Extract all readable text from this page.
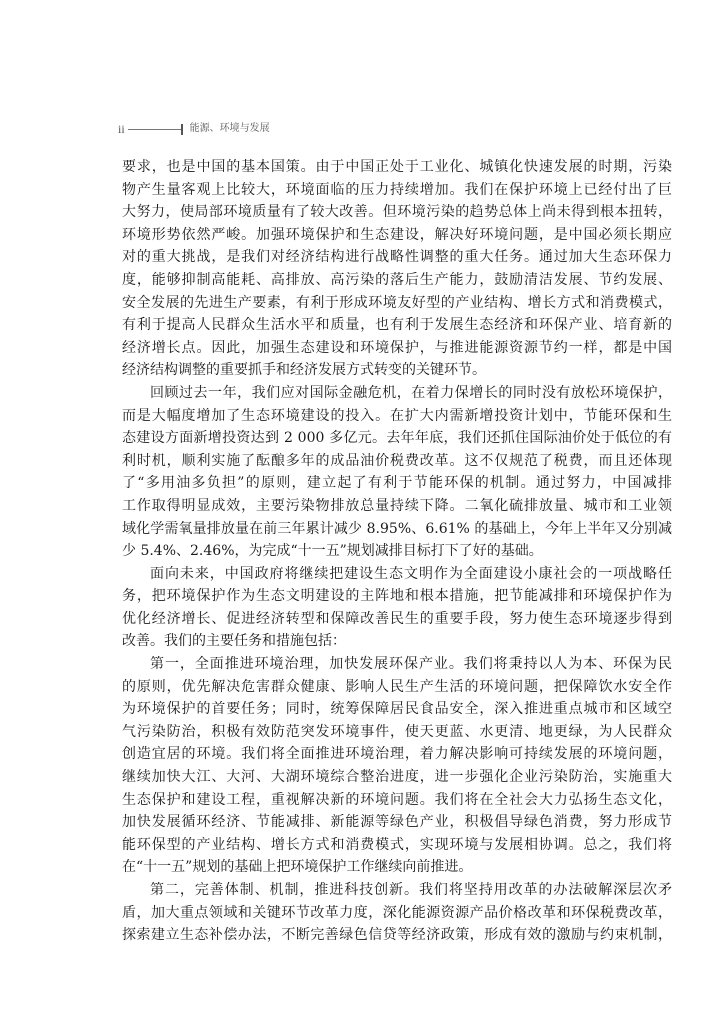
ii	能源、环境与发展
要求，也是中国的基本国策。由于中国正处于工业化、城镇化快速发展的时期，污染
物产生量客观上比较大，环境面临的压力持续增加。我们在保护环境上已经付出了巨
大努力，使局部环境质量有了较大改善。但环境污染的趋势总体上尚未得到根本扭转，
环境形势依然严峻。加强环境保护和生态建设，解决好环境问题，是中国必须长期应
对的重大挑战，是我们对经济结构进行战略性调整的重大任务。通过加大生态环保力
度，能够抑制高能耗、高排放、高污染的落后生产能力，鼓励清洁发展、节约发展、
安全发展的先进生产要素，有利于形成环境友好型的产业结构、增长方式和消费模式，
有利于提高人民群众生活水平和质量，也有利于发展生态经济和环保产业、培育新的
经济增长点。因此，加强生态建设和环境保护，与推进能源资源节约一样，都是中国
经济结构调整的重要抓手和经济发展方式转变的关键环节。
回顾过去一年，我们应对国际金融危机，在着力保增长的同时没有放松环境保护，
而是大幅度增加了生态环境建设的投入。在扩大内需新增投资计划中，节能环保和生
态建设方面新增投资达到 2 000 多亿元。去年年底，我们还抓住国际油价处于低位的有
利时机，顺利实施了酝酿多年的成品油价税费改革。这不仅规范了税费，而且还体现
了“多用油多负担”的原则，建立起了有利于节能环保的机制。通过努力，中国减排
工作取得明显成效，主要污染物排放总量持续下降。二氧化硫排放量、城市和工业领
域化学需氧量排放量在前三年累计减少 8.95%、6.61% 的基础上，今年上半年又分别减
少 5.4%、2.46%，为完成“十一五”规划减排目标打下了好的基础。
面向未来，中国政府将继续把建设生态文明作为全面建设小康社会的一项战略任
务，把环境保护作为生态文明建设的主阵地和根本措施，把节能减排和环境保护作为
优化经济增长、促进经济转型和保障改善民生的重要手段，努力使生态环境逐步得到
改善。我们的主要任务和措施包括：
第一，全面推进环境治理，加快发展环保产业。我们将秉持以人为本、环保为民
的原则，优先解决危害群众健康、影响人民生产生活的环境问题，把保障饮水安全作
为环境保护的首要任务；同时，统筹保障居民食品安全，深入推进重点城市和区域空
气污染防治，积极有效防范突发环境事件，使天更蓝、水更清、地更绿，为人民群众
创造宜居的环境。我们将全面推进环境治理，着力解决影响可持续发展的环境问题，
继续加快大江、大河、大湖环境综合整治进度，进一步强化企业污染防治，实施重大
生态保护和建设工程，重视解决新的环境问题。我们将在全社会大力弘扬生态文化，
加快发展循环经济、节能减排、新能源等绿色产业，积极倡导绿色消费，努力形成节
能环保型的产业结构、增长方式和消费模式，实现环境与发展相协调。总之，我们将
在“十一五”规划的基础上把环境保护工作继续向前推进。
第二，完善体制、机制，推进科技创新。我们将坚持用改革的办法破解深层次矛
盾，加大重点领域和关键环节改革力度，深化能源资源产品价格改革和环保税费改革，
探索建立生态补偿办法，不断完善绿色信贷等经济政策，形成有效的激励与约束机制，
